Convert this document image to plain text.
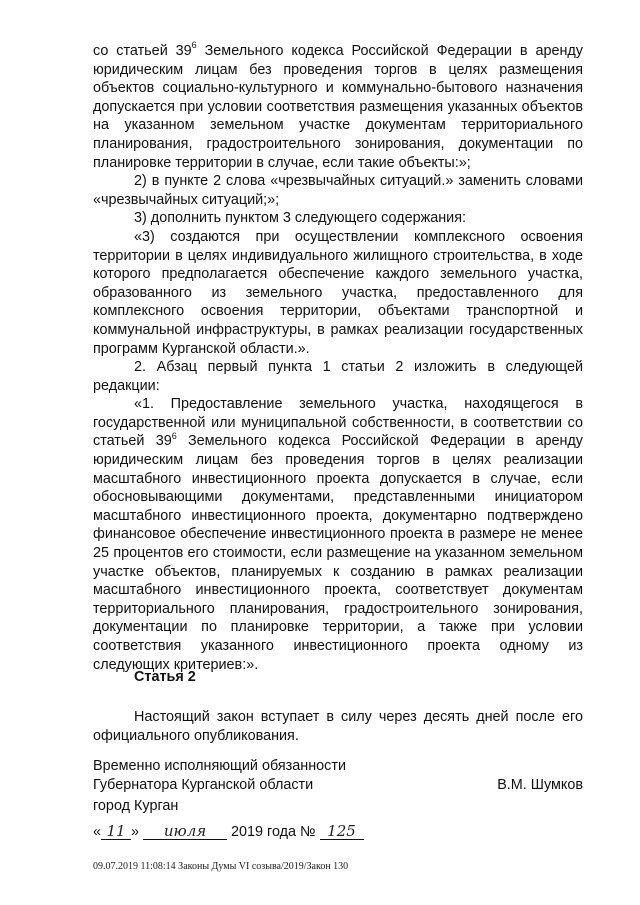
со статьей $39^6$ Земельного кодекса Российской Федерации в аренду юридическим лицам без проведения торгов в целях размещения объектов социально-культурного и коммунально-бытового назначения допускается при условии соответствия размещения указанных объектов на указанном земельном участке документам территориального планирования, градостроительного зонирования, документации по планировке территории в случае, если такие объекты:»;

2) в пункте 2 слова «чрезвычайных ситуаций.» заменить словами «чрезвычайных ситуаций;»;

3) дополнить пунктом 3 следующего содержания:

«3) создаются при осуществлении комплексного освоения территории в целях индивидуального жилищного строительства, в ходе которого предполагается обеспечение каждого земельного участка, образованного из земельного участка, предоставленного для комплексного освоения территории, объектами транспортной и коммунальной инфраструктуры, в рамках реализации государственных программ Курганской области.».

2. Абзац первый пункта 1 статьи 2 изложить в следующей редакции:

«1. Предоставление земельного участка, находящегося в государственной или муниципальной собственности, в соответствии со статьей $39^6$ Земельного кодекса Российской Федерации в аренду юридическим лицам без проведения торгов в целях реализации масштабного инвестиционного проекта допускается в случае, если обосновывающими документами, представленными инициатором масштабного инвестиционного проекта, документарно подтверждено финансовое обеспечение инвестиционного проекта в размере не менее 25 процентов его стоимости, если размещение на указанном земельном участке объектов, планируемых к созданию в рамках реализации масштабного инвестиционного проекта, соответствует документам территориального планирования, градостроительного зонирования, документации по планировке территории, а также при условии соответствия указанного инвестиционного проекта одному из следующих критериев:».

Статья 2

Настоящий закон вступает в силу через десять дней после его официального опубликования.

Временно исполняющий обязанности
Губернатора Курганской области	В.М. Шумков
город Курган
« 11 » июля 2019 года № 125
09.07.2019 11:08:14 Законы Думы VI созыва/2019/Закон 130
